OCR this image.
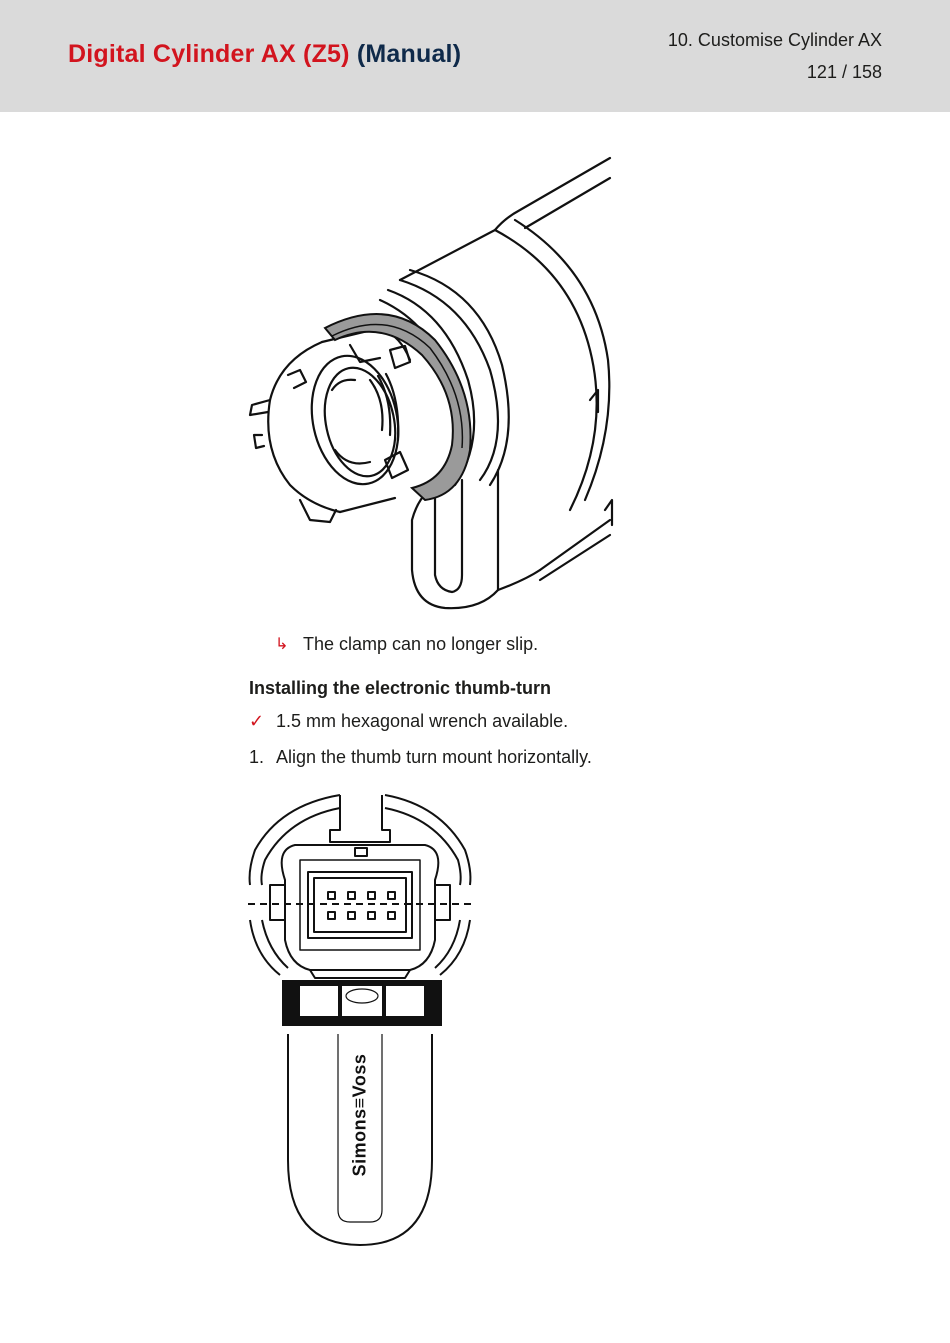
Digital Cylinder AX (Z5) (Manual)	10. Customise Cylinder AX
121 / 158
↳ The clamp can no longer slip.
Installing the electronic thumb-turn
✓ 1.5 mm hexagonal wrench available.
1. Align the thumb turn mount horizontally.
Simons≡Voss
